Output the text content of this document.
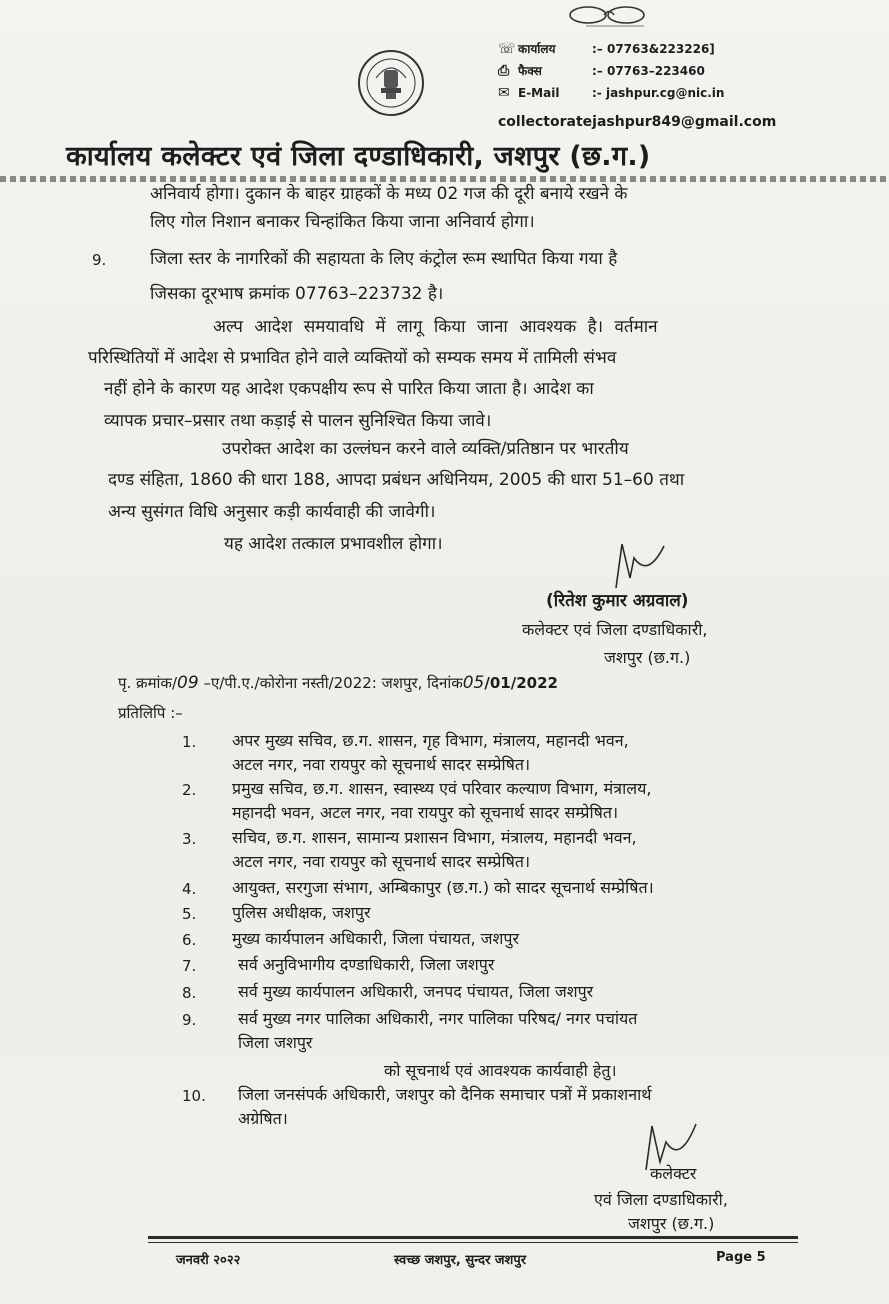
☏ कार्यालय	:– 07763&223226]
⎙ फैक्स	:– 07763–223460
✉ E-Mail	:- jashpur.cg@nic.in
collectoratejashpur849@gmail.com
कार्यालय कलेक्टर एवं जिला दण्डाधिकारी, जशपुर (छ.ग.)
अनिवार्य होगा। दुकान के बाहर ग्राहकों के मध्य 02 गज की दूरी बनाये रखने के
लिए गोल निशान बनाकर चिन्हांकित किया जाना अनिवार्य होगा।
9.	जिला स्तर के नागरिकों की सहायता के लिए कंट्रोल रूम स्थापित किया गया है
जिसका दूरभाष क्रमांक 07763–223732 है।
अल्प आदेश समयावधि में लागू किया जाना आवश्यक है। वर्तमान
परिस्थितियों में आदेश से प्रभावित होने वाले व्यक्तियों को सम्यक समय में तामिली संभव
नहीं होने के कारण यह आदेश एकपक्षीय रूप से पारित किया जाता है। आदेश का
व्यापक प्रचार–प्रसार तथा कड़ाई से पालन सुनिश्चित किया जावे।
उपरोक्त आदेश का उल्लंघन करने वाले व्यक्ति/प्रतिष्ठान पर भारतीय
दण्ड संहिता, 1860 की धारा 188, आपदा प्रबंधन अधिनियम, 2005 की धारा 51–60 तथा
अन्य सुसंगत विधि अनुसार कड़ी कार्यवाही की जावेगी।
यह आदेश तत्काल प्रभावशील होगा।
(रितेश कुमार अग्रवाल)
कलेक्टर एवं जिला दण्डाधिकारी,
जशपुर (छ.ग.)
पृ. क्रमांक/09 –ए/पी.ए./कोरोना नस्ती/2022: जशपुर, दिनांक05/01/2022
प्रतिलिपि :–
1. अपर मुख्य सचिव, छ.ग. शासन, गृह विभाग, मंत्रालय, महानदी भवन,
अटल नगर, नवा रायपुर को सूचनार्थ सादर सम्प्रेषित।
2. प्रमुख सचिव, छ.ग. शासन, स्वास्थ्य एवं परिवार कल्याण विभाग, मंत्रालय,
महानदी भवन, अटल नगर, नवा रायपुर को सूचनार्थ सादर सम्प्रेषित।
3. सचिव, छ.ग. शासन, सामान्य प्रशासन विभाग, मंत्रालय, महानदी भवन,
अटल नगर, नवा रायपुर को सूचनार्थ सादर सम्प्रेषित।
4. आयुक्त, सरगुजा संभाग, अम्बिकापुर (छ.ग.) को सादर सूचनार्थ सम्प्रेषित।
5. पुलिस अधीक्षक, जशपुर
6. मुख्य कार्यपालन अधिकारी, जिला पंचायत, जशपुर
7.	सर्व अनुविभागीय दण्डाधिकारी, जिला जशपुर
8.	सर्व मुख्य कार्यपालन अधिकारी, जनपद पंचायत, जिला जशपुर
9.	सर्व मुख्य नगर पालिका अधिकारी, नगर पालिका परिषद/ नगर पचांयत
जिला जशपुर
को सूचनार्थ एवं आवश्यक कार्यवाही हेतु।
10. जिला जनसंपर्क अधिकारी, जशपुर को दैनिक समाचार पत्रों में प्रकाशनार्थ
अग्रेषित।
कलेक्टर
एवं जिला दण्डाधिकारी,
जशपुर (छ.ग.)
जनवरी २०२२	स्वच्छ जशपुर, सुन्दर जशपुर	Page 5
